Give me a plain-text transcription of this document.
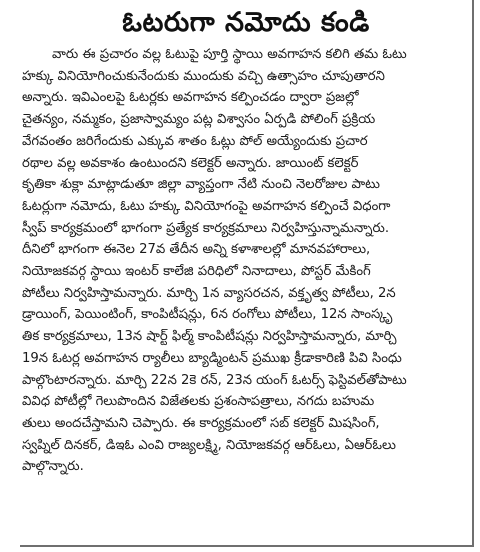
ఓటరుగా నమోదు కండి
వారు ఈ ప్రచారం వల్ల ఓటుపై పూర్తి స్థాయి అవగాహన కలిగి తమ ఓటు
హక్కు వినియోగించుకునేందుకు ముందుకు వచ్చి ఉత్సాహం చూపుతారని
అన్నారు. ఇవిఎంలపై ఓటర్లకు అవగాహన కల్పించడం ద్వారా ప్రజల్లో
చైతన్యం, నమ్మకం, ప్రజాస్వామ్యం పట్ల విశ్వాసం ఏర్పడి పోలింగ్ ప్రక్రియ
వేగవంతం జరిగేందుకు ఎక్కువ శాతం ఓట్లు పోల్ అయ్యేందుకు ప్రచార
రథాల వల్ల అవకాశం ఉంటుందని కలెక్టర్ అన్నారు. జాయింట్ కలెక్టర్
కృతికా శుక్లా మాట్లాడుతూ జిల్లా వ్యాప్తంగా నేటి నుంచి నెలరోజుల పాటు
ఓటర్లుగా నమోదు, ఓటు హక్కు వినియోగంపై అవగాహన కల్పించే విధంగా
స్వీప్ కార్యక్రమంలో భాగంగా ప్రత్యేక కార్యక్రమాలు నిర్వహిస్తున్నామన్నారు.
దీనిలో భాగంగా ఈనెల 27వ తేదీన అన్ని కళాశాలల్లో మానవహారాలు,
నియోజకవర్గ స్థాయి ఇంటర్ కాలేజి పరిధిలో నినాదాలు, పోస్టర్ మేకింగ్
పోటీలు నిర్వహిస్తామన్నారు. మార్చి 1న వ్యాసరచన, వక్తృత్వ పోటీలు, 2న
డ్రాయింగ్, పెయింటింగ్, కాంపిటీషన్లు, 6న రంగోలు పోటీలు, 12న సాంస్కృ
తిక కార్యక్రమాలు, 13న షార్ట్ ఫిల్మ్ కాంపిటీషన్లు నిర్వహిస్తామన్నారు, మార్చి
19న ఓటర్ల అవగాహన ర్యాలీలు బ్యాడ్మింటన్ ప్రముఖ క్రీడాకారిణి పివి సింధు
పాల్గొంటారన్నారు. మార్చి 22న 2కె రన్, 23న యంగ్ ఓటర్స్ ఫెస్టివల్‌తోపాటు
వివిధ పోటీల్లో గెలుపొందిన విజేతలకు ప్రశంసాపత్రాలు, నగదు బహుమ
తులు అందచేస్తామని చెప్పారు. ఈ కార్యక్రమంలో సబ్ కలెక్టర్ మిషసింగ్,
స్వప్నిల్ దినకర్, డిఇఓ ఎంవి రాజ్యలక్ష్మి, నియోజకవర్గ ఆర్‌ఓలు, ఏఆర్‌ఓలు
పాల్గొన్నారు.
